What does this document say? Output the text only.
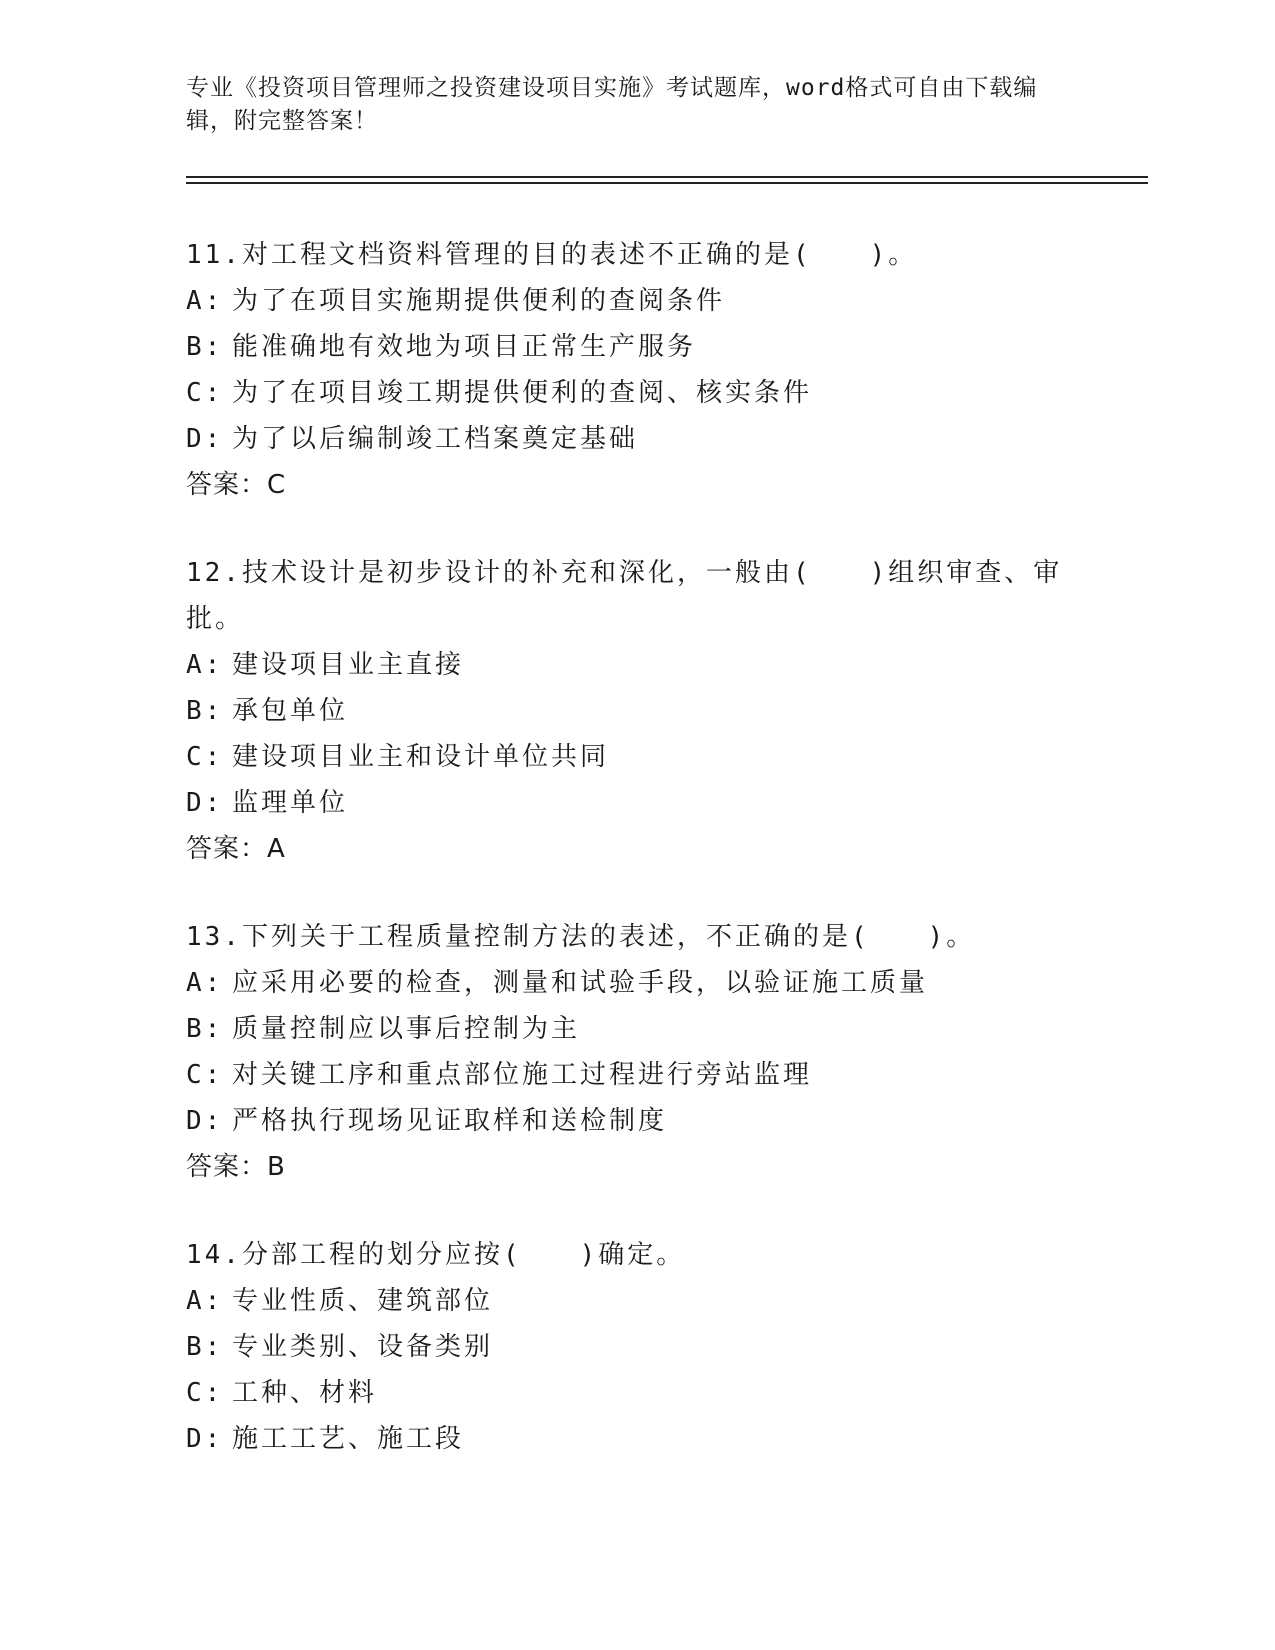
专业《投资项目管理师之投资建设项目实施》考试题库，word格式可自由下载编辑，附完整答案！

11.对工程文档资料管理的目的表述不正确的是(　　)。

A: 为了在项目实施期提供便利的查阅条件
B: 能准确地有效地为项目正常生产服务
C: 为了在项目竣工期提供便利的查阅、核实条件
D: 为了以后编制竣工档案奠定基础
答案：C

12.技术设计是初步设计的补充和深化，一般由(　　)组织审查、审批。

A: 建设项目业主直接
B: 承包单位
C: 建设项目业主和设计单位共同
D: 监理单位
答案：A

13.下列关于工程质量控制方法的表述，不正确的是(　　)。

A: 应采用必要的检查，测量和试验手段，以验证施工质量
B: 质量控制应以事后控制为主
C: 对关键工序和重点部位施工过程进行旁站监理
D: 严格执行现场见证取样和送检制度
答案：B

14.分部工程的划分应按(　　)确定。

A: 专业性质、建筑部位
B: 专业类别、设备类别
C: 工种、材料
D: 施工工艺、施工段
